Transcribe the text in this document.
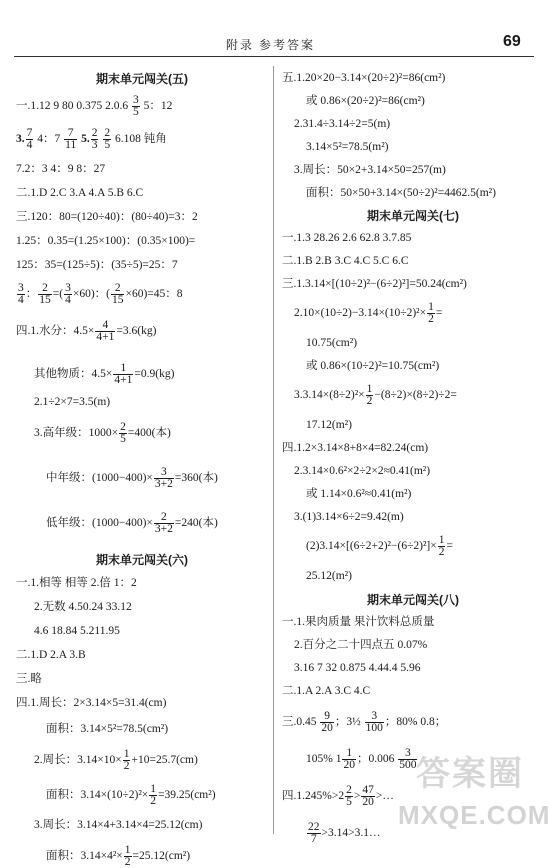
附录 参考答案	69

期末单元闯关(五)

一.1.12 9 80 0.375 $2.0.6 \frac{3}{5} 5$：12

3. $\frac{7}{4} 4$：$7 \frac{7}{11} 5$. $\frac{2}{3}$
$\frac{2}{5} 6.108$ 钝角

7.2：3 4：9 8：27

二.1.D 2.C 3.A 4.A 5.B 6.C

三.120：80=(120÷40)：(80÷40)=3：2

1.25：0.35=(1.25×100)：(0.35×100)=

125：35=(125÷5)：(35÷5)=25：7

$\frac{3}{4}$ ： $\frac{2}{15}$ =( $\frac{3}{4} \times 60$)：( $\frac{2}{15} \times 60)=45$：8

四.1.水分：$4.5\times \frac{4}{4+1} =3.6(kg)$

其他物质：$4.5\times \frac{1}{4+1} =0.9(kg)$

2.1÷2×7=3.5(m)

3.高年级：$1000\times \frac{2}{5} =400$(本)

中年级：$(1000-400)\times \frac{3}{3+2} =360$(本)

低年级：$(1000-400)\times \frac{2}{3+2} =240$(本)

期末单元闯关(六)

一.1.相等 相等 2.倍 1：2

2.无数 4.50.24 33.12

4.6 18.84 5.211.95

二.1.D 2.A 3.B

三.略

四.1.周长：2×3.14×5=31.4(cm)

面积：3.14×5²=78.5(cm²)

2.周长：$3.14\times 10\times \frac{1}{2} +10=25.7(cm)$

面积：$3.14\times(10\div 2)^2\times \frac{1}{2} =39.25(cm^2)$

3.周长：3.14×4+3.14×4=25.12(cm)

面积：$3.14\times 4^2\times \frac{1}{2} =25.12(cm^2)$

五.1.20×20−3.14×(20÷2)²=86(cm²)

或 0.86×(20÷2)²=86(cm²)

2.31.4÷3.14÷2=5(m)

3.14×5²=78.5(m²)

3.周长：50×2+3.14×50=257(m)

面积：50×50+3.14×(50÷2)²=4462.5(m²)

期末单元闯关(七)

一.1.3 28.26 2.6 62.8 3.7.85

二.1.B 2.B 3.C 4.C 5.C 6.C

三.1.3.14×[(10÷2)²−(6÷2)²]=50.24(cm²)

$2.10\times(10\div 2)-3.14\times(10\div 2)^2\times \frac{1}{2}$ =

10.75(cm²)

或 0.86×(10÷2)²=10.75(cm²)

$3.3.14\times(8\div 2)^2\times \frac{1}{2} -(8\div 2)\times(8\div 2)\div 2=$

17.12(m²)

四.1.2×3.14×8+8×4=82.24(cm)

2.3.14×0.6²×2÷2×2≈0.41(m²)

或 1.14×0.6²≈0.41(m²)

3.(1)3.14×6÷2=9.42(m)

$(2)3.14\times[(6\div 2+2)^2-(6\div 2)^2]\times \frac{1}{2}$ =

25.12(m²)

期末单元闯关(八)

一.1.果肉质量 果汁饮料总质量

2.百分之二十四点五 0.07%

3.16 7 32 0.875 4.44.4 5.96

二.1.A 2.A 3.C 4.C

三$.0.45 \frac{9}{20}$ ；3½ $\frac{3}{100}$ ；80% 0.8；

105% $1 \frac{1}{20}$ ；$0.006 \frac{3}{500}$

四$.1.245\%>2 \frac{2}{5} > \frac{47}{20}$ >…

$\frac{22}{7}$ >3.14>3.1…

答案圈
MXQE.COM
